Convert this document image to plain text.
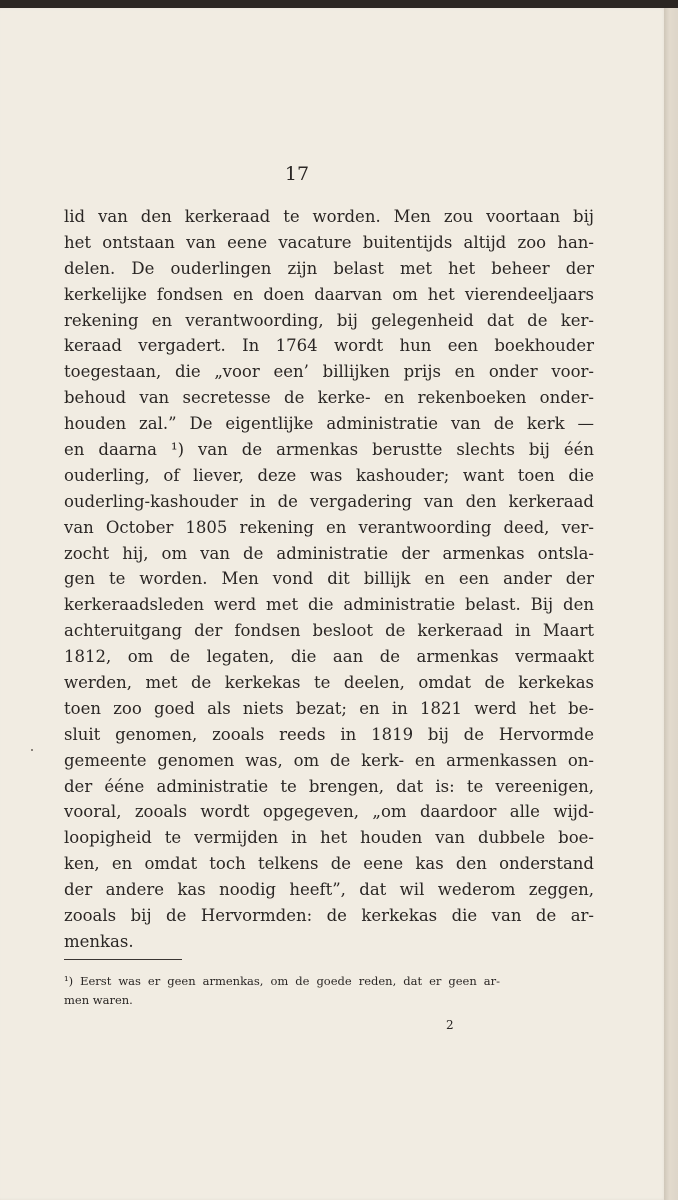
17
lid van den kerkeraad te worden. Men zou voortaan bij
het ontstaan van eene vacature buitentijds altijd zoo han-
delen. De ouderlingen zijn belast met het beheer der
kerkelijke fondsen en doen daarvan om het vierendeeljaars
rekening en verantwoording, bij gelegenheid dat de ker-
keraad vergadert. In 1764 wordt hun een boekhouder
toegestaan, die „voor een’ billijken prijs en onder voor-
behoud van secretesse de kerke- en rekenboeken onder-
houden zal.” De eigentlijke administratie van de kerk —
en daarna ¹) van de armenkas berustte slechts bij één
ouderling, of liever, deze was kashouder; want toen die
ouderling-kashouder in de vergadering van den kerkeraad
van October 1805 rekening en verantwoording deed, ver-
zocht hij, om van de administratie der armenkas ontsla-
gen te worden. Men vond dit billijk en een ander der
kerkeraadsleden werd met die administratie belast. Bij den
achteruitgang der fondsen besloot de kerkeraad in Maart
1812, om de legaten, die aan de armenkas vermaakt
werden, met de kerkekas te deelen, omdat de kerkekas
toen zoo goed als niets bezat; en in 1821 werd het be-
sluit genomen, zooals reeds in 1819 bij de Hervormde
gemeente genomen was, om de kerk- en armenkassen on-
der ééne administratie te brengen, dat is: te vereenigen,
vooral, zooals wordt opgegeven, „om daardoor alle wijd-
loopigheid te vermijden in het houden van dubbele boe-
ken, en omdat toch telkens de eene kas den onderstand
der andere kas noodig heeft”, dat wil wederom zeggen,
zooals bij de Hervormden: de kerkekas die van de ar-
menkas.
¹) Eerst was er geen armenkas, om de goede reden, dat er geen ar-
men waren.
2
